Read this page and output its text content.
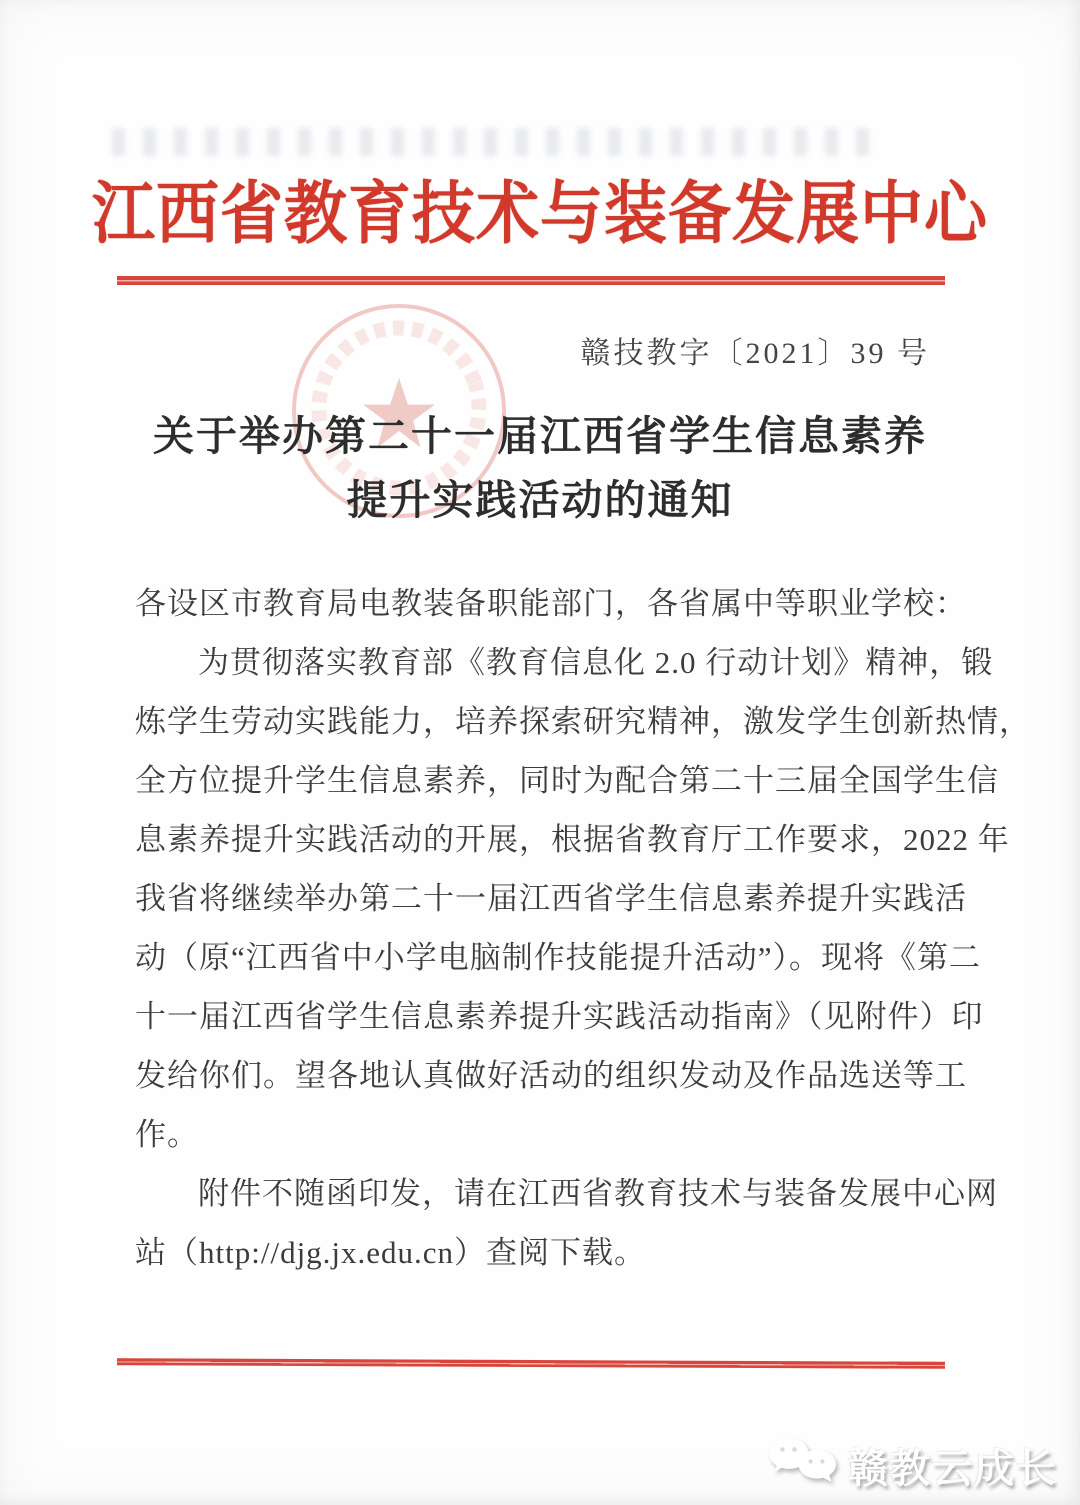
江西省教育技术与装备发展中心
赣技教字〔2021〕39 号
关于举办第二十一届江西省学生信息素养
提升实践活动的通知
各设区市教育局电教装备职能部门，各省属中等职业学校：
为贯彻落实教育部《教育信息化 2.0 行动计划》精神，锻
炼学生劳动实践能力，培养探索研究精神，激发学生创新热情，
全方位提升学生信息素养，同时为配合第二十三届全国学生信
息素养提升实践活动的开展，根据省教育厅工作要求，2022 年
我省将继续举办第二十一届江西省学生信息素养提升实践活
动（原“江西省中小学电脑制作技能提升活动”）。现将《第二
十一届江西省学生信息素养提升实践活动指南》（见附件）印
发给你们。望各地认真做好活动的组织发动及作品选送等工
作。
附件不随函印发，请在江西省教育技术与装备发展中心网
站（http://djg.jx.edu.cn）查阅下载。
赣教云成长
